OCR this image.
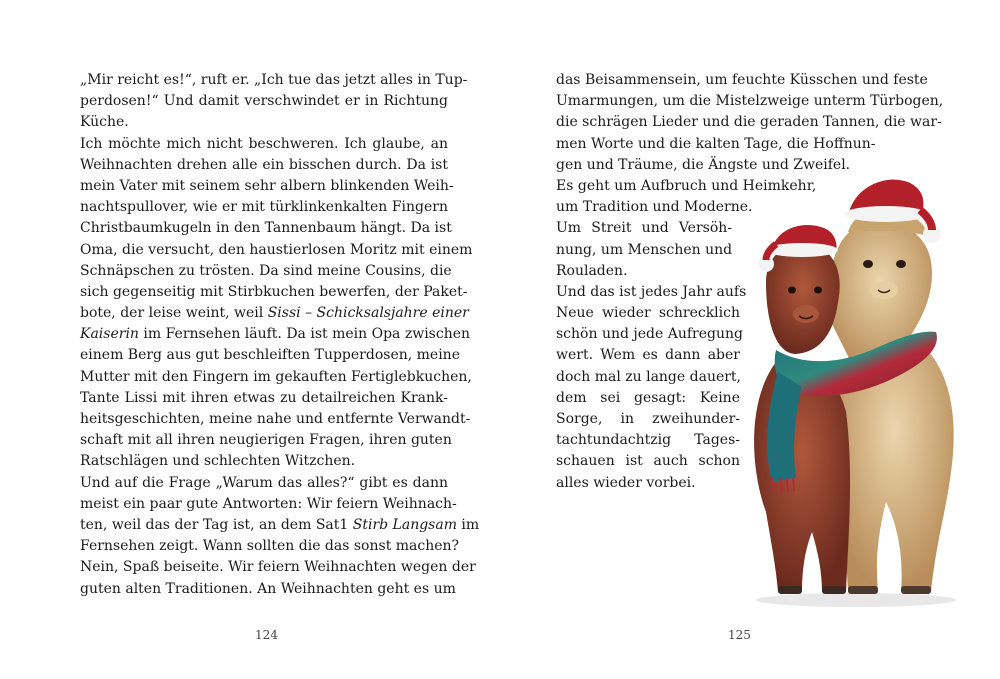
„Mir reicht es!“, ruft er. „Ich tue das jetzt alles in Tup-
perdosen!“ Und damit verschwindet er in Richtung
Küche.
Ich möchte mich nicht beschweren. Ich glaube, an
Weihnachten drehen alle ein bisschen durch. Da ist
mein Vater mit seinem sehr albern blinkenden Weih-
nachtspullover, wie er mit türklinkenkalten Fingern
Christbaumkugeln in den Tannenbaum hängt. Da ist
Oma, die versucht, den haustierlosen Moritz mit einem
Schnäpschen zu trösten. Da sind meine Cousins, die
sich gegenseitig mit Stirbkuchen bewerfen, der Paket-
bote, der leise weint, weil Sissi – Schicksalsjahre einer
Kaiserin im Fernsehen läuft. Da ist mein Opa zwischen
einem Berg aus gut beschleiften Tupperdosen, meine
Mutter mit den Fingern im gekauften Fertiglebkuchen,
Tante Lissi mit ihren etwas zu detailreichen Krank-
heitsgeschichten, meine nahe und entfernte Verwandt-
schaft mit all ihren neugierigen Fragen, ihren guten
Ratschlägen und schlechten Witzchen.
Und auf die Frage „Warum das alles?“ gibt es dann
meist ein paar gute Antworten: Wir feiern Weihnach-
ten, weil das der Tag ist, an dem Sat1 Stirb Langsam im
Fernsehen zeigt. Wann sollten die das sonst machen?
Nein, Spaß beiseite. Wir feiern Weihnachten wegen der
guten alten Traditionen. An Weihnachten geht es um
das Beisammensein, um feuchte Küsschen und feste
Umarmungen, um die Mistelzweige unterm Türbogen,
die schrägen Lieder und die geraden Tannen, die war-
men Worte und die kalten Tage, die Hoffnun-
gen und Träume, die Ängste und Zweifel.
Es geht um Aufbruch und Heimkehr,
um Tradition und Moderne.
Um Streit und Versöh-
nung, um Menschen und
Rouladen.
Und das ist jedes Jahr aufs
Neue wieder schrecklich
schön und jede Aufregung
wert. Wem es dann aber
doch mal zu lange dauert,
dem sei gesagt: Keine
Sorge, in zweihunder-
tachtundachtzig Tages-
schauen ist auch schon
alles wieder vorbei.
124	125
